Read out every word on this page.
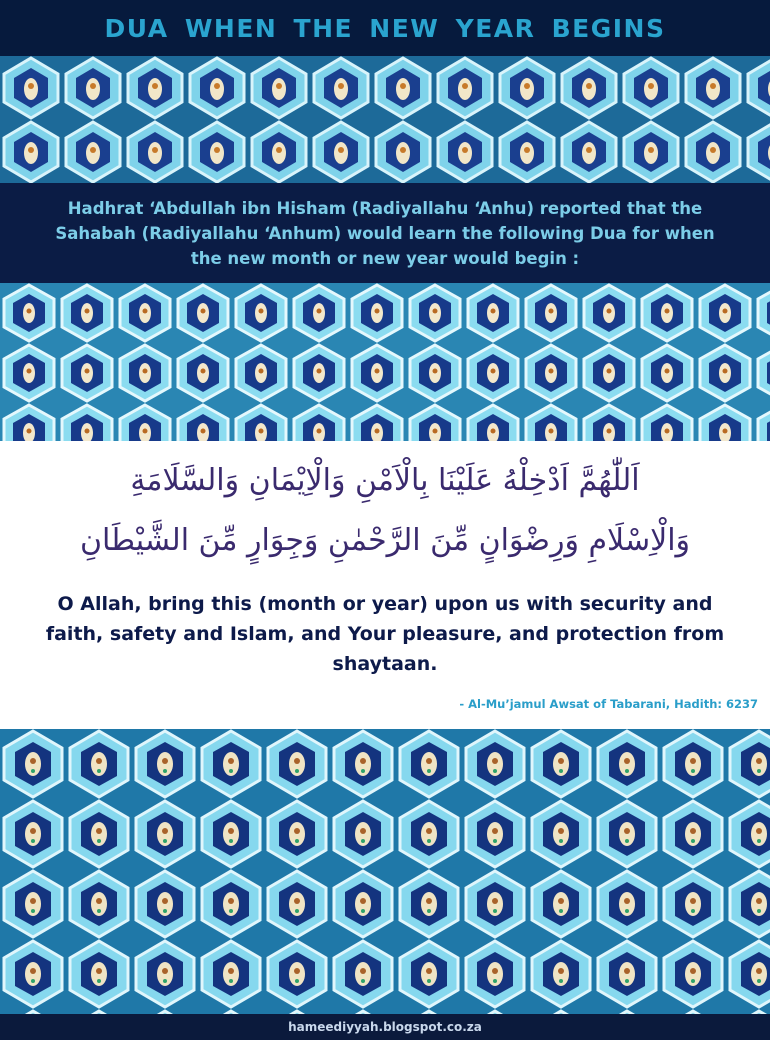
DUA WHEN THE NEW YEAR BEGINS
Hadhrat ‘Abdullah ibn Hisham (Radiyallahu ‘Anhu) reported that the Sahabah (Radiyallahu ‘Anhum) would learn the following Dua for when the new month or new year would begin :
اَللّٰهُمَّ اَدْخِلْهُ عَلَيْنَا بِالْاَمْنِ وَالْاِيْمَانِ وَالسَّلَامَةِ
وَالْاِسْلَامِ وَرِضْوَانٍ مِّنَ الرَّحْمٰنِ وَجِوَارٍ مِّنَ الشَّيْطَانِ
O Allah, bring this (month or year) upon us with security and faith, safety and Islam, and Your pleasure, and protection from shaytaan.
- Al-Mu’jamul Awsat of Tabarani, Hadith: 6237
hameediyyah.blogspot.co.za
